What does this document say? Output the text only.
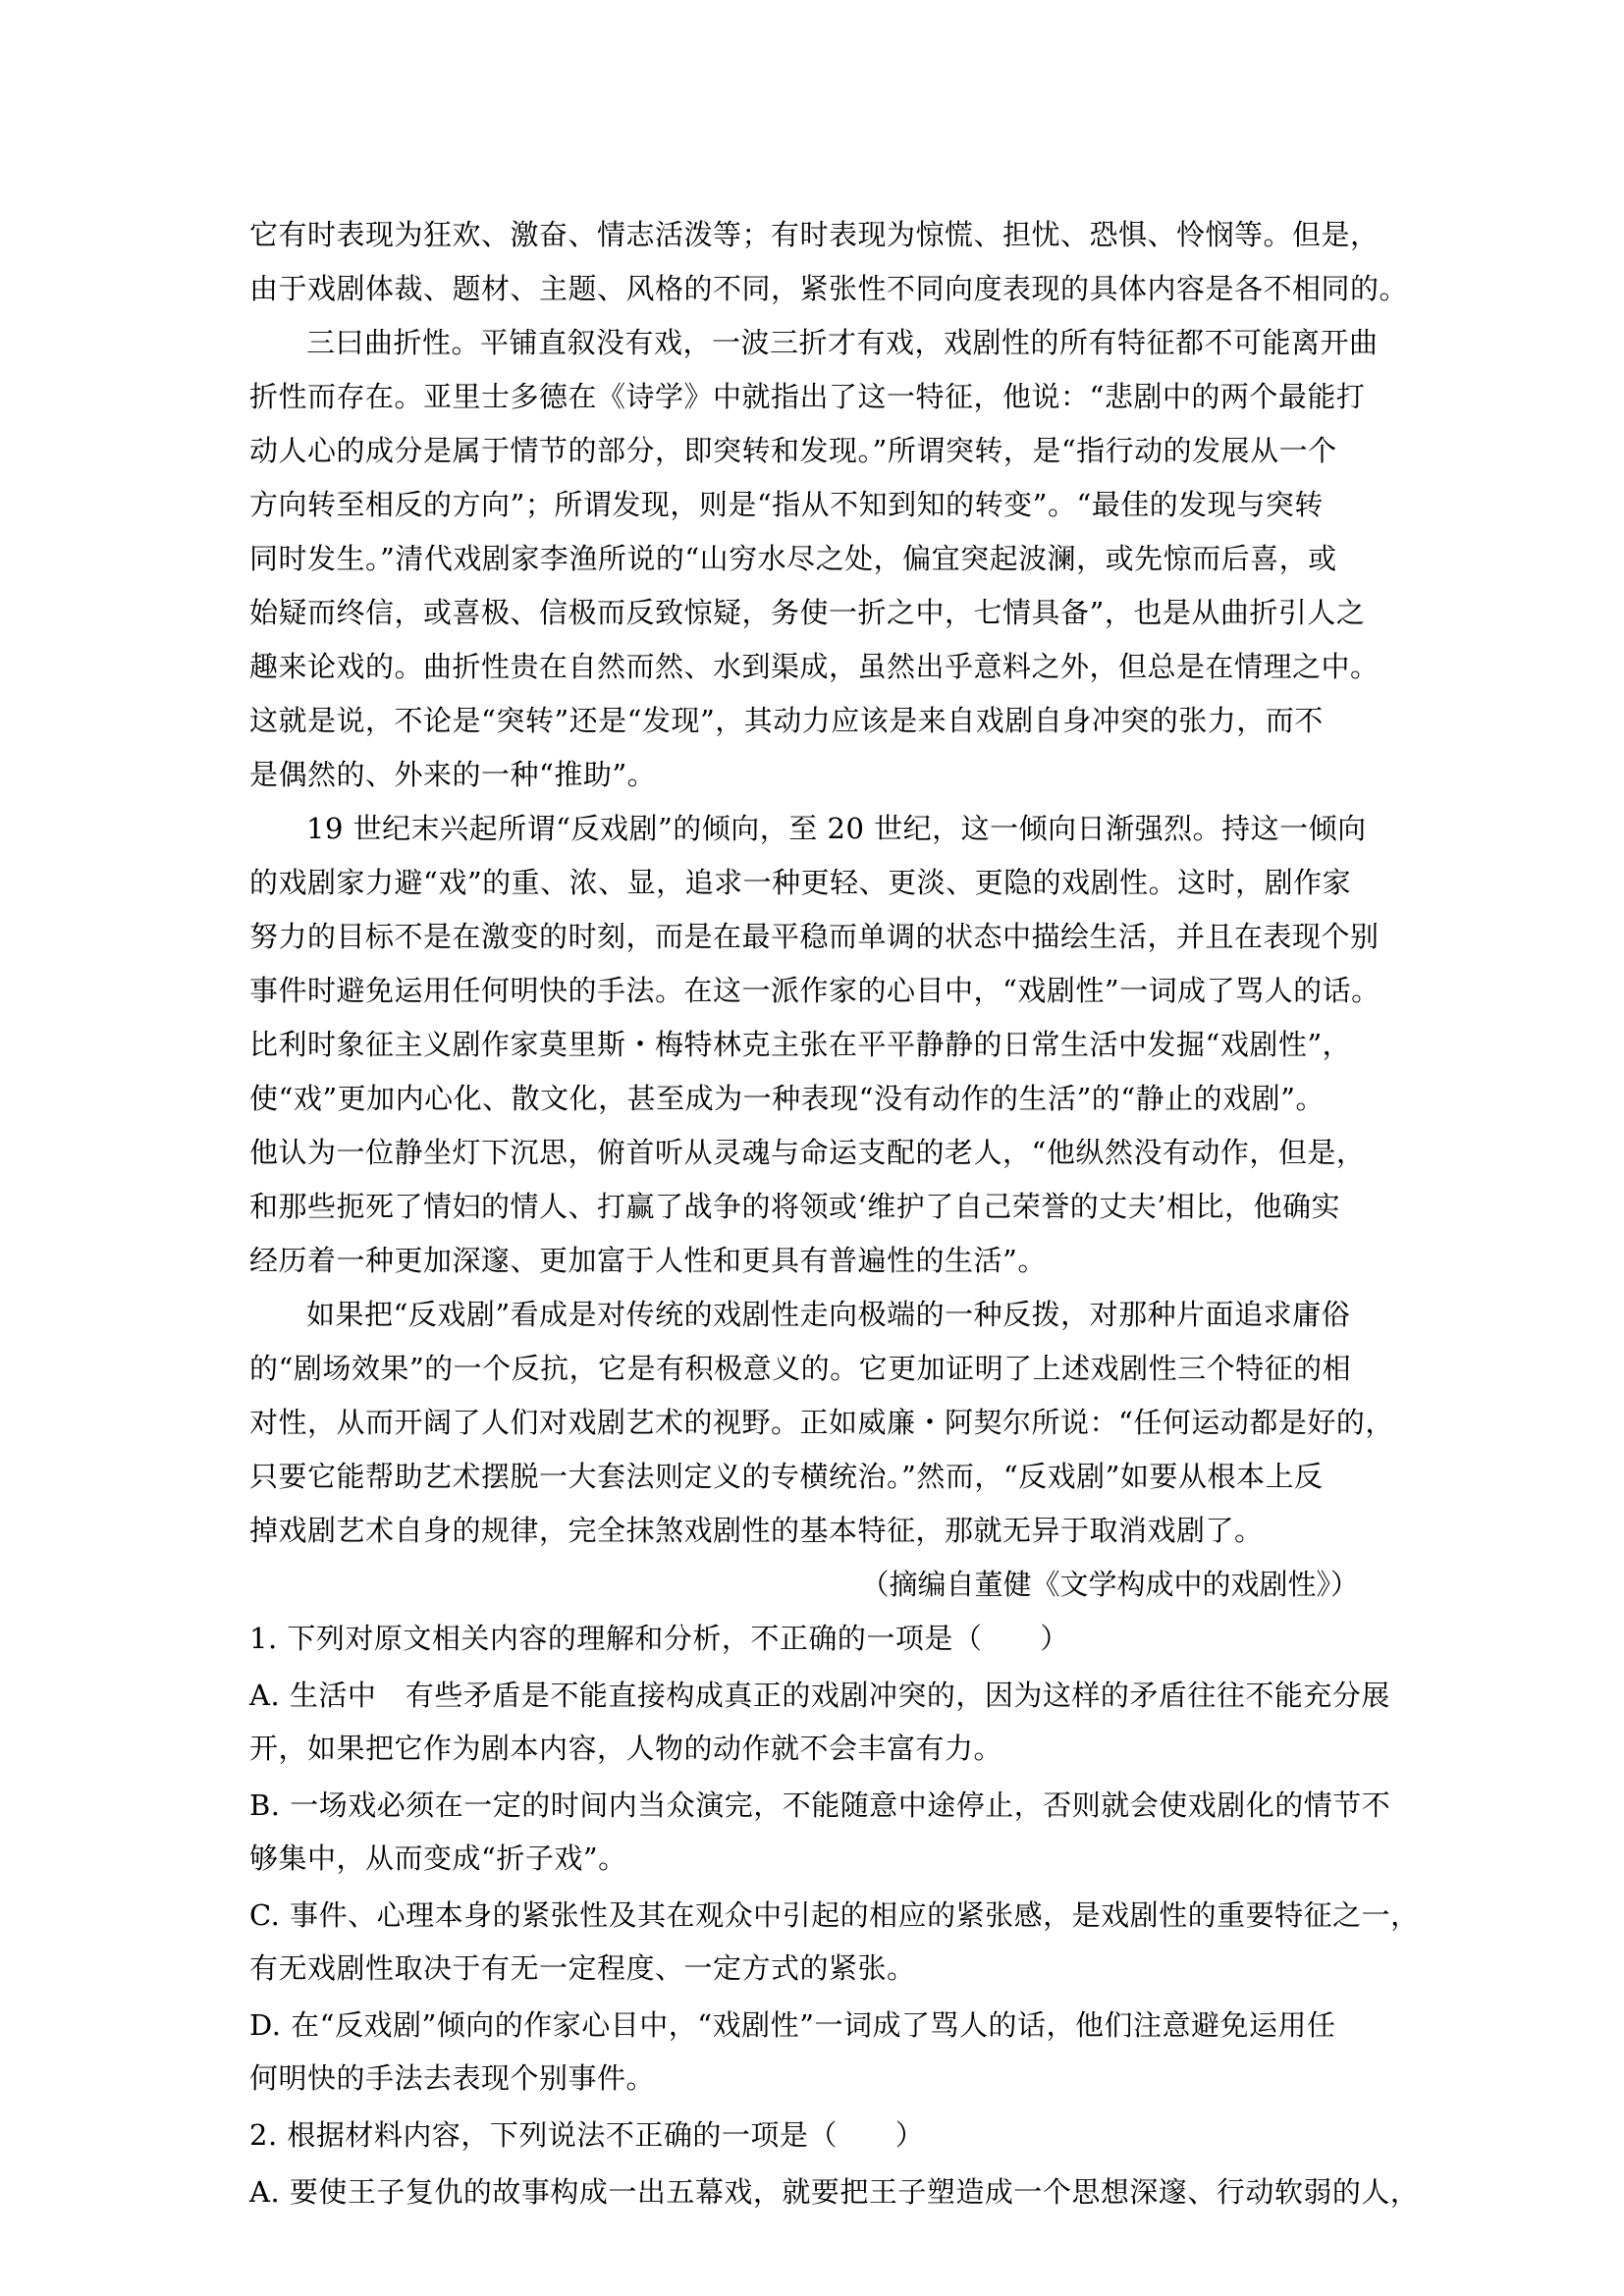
它有时表现为狂欢、激奋、情志活泼等；有时表现为惊慌、担忧、恐惧、怜悯等。但是，
由于戏剧体裁、题材、主题、风格的不同，紧张性不同向度表现的具体内容是各不相同的。
三曰曲折性。平铺直叙没有戏，一波三折才有戏，戏剧性的所有特征都不可能离开曲
折性而存在。亚里士多德在《诗学》中就指出了这一特征，他说：“悲剧中的两个最能打
动人心的成分是属于情节的部分，即突转和发现。”所谓突转，是“指行动的发展从一个
方向转至相反的方向”；所谓发现，则是“指从不知到知的转变”。“最佳的发现与突转
同时发生。”清代戏剧家李渔所说的“山穷水尽之处，偏宜突起波澜，或先惊而后喜，或
始疑而终信，或喜极、信极而反致惊疑，务使一折之中，七情具备”，也是从曲折引人之
趣来论戏的。曲折性贵在自然而然、水到渠成，虽然出乎意料之外，但总是在情理之中。
这就是说，不论是“突转”还是“发现”，其动力应该是来自戏剧自身冲突的张力，而不
是偶然的、外来的一种“推助”。
19 世纪末兴起所谓“反戏剧”的倾向，至 20 世纪，这一倾向日渐强烈。持这一倾向
的戏剧家力避“戏”的重、浓、显，追求一种更轻、更淡、更隐的戏剧性。这时，剧作家
努力的目标不是在激变的时刻，而是在最平稳而单调的状态中描绘生活，并且在表现个别
事件时避免运用任何明快的手法。在这一派作家的心目中，“戏剧性”一词成了骂人的话。
比利时象征主义剧作家莫里斯・梅特林克主张在平平静静的日常生活中发掘“戏剧性”，
使“戏”更加内心化、散文化，甚至成为一种表现“没有动作的生活”的“静止的戏剧”。
他认为一位静坐灯下沉思，俯首听从灵魂与命运支配的老人，“他纵然没有动作，但是，
和那些扼死了情妇的情人、打赢了战争的将领或‘维护了自己荣誉的丈夫’相比，他确实
经历着一种更加深邃、更加富于人性和更具有普遍性的生活”。
如果把“反戏剧”看成是对传统的戏剧性走向极端的一种反拨，对那种片面追求庸俗
的“剧场效果”的一个反抗，它是有积极意义的。它更加证明了上述戏剧性三个特征的相
对性，从而开阔了人们对戏剧艺术的视野。正如威廉・阿契尔所说：“任何运动都是好的，
只要它能帮助艺术摆脱一大套法则定义的专横统治。”然而，“反戏剧”如要从根本上反
掉戏剧艺术自身的规律，完全抹煞戏剧性的基本特征，那就无异于取消戏剧了。
（摘编自董健《文学构成中的戏剧性》）
1. 下列对原文相关内容的理解和分析，不正确的一项是（　　）
A. 生活中　有些矛盾是不能直接构成真正的戏剧冲突的，因为这样的矛盾往往不能充分展
开，如果把它作为剧本内容，人物的动作就不会丰富有力。
B. 一场戏必须在一定的时间内当众演完，不能随意中途停止，否则就会使戏剧化的情节不
够集中，从而变成“折子戏”。
C. 事件、心理本身的紧张性及其在观众中引起的相应的紧张感，是戏剧性的重要特征之一，
有无戏剧性取决于有无一定程度、一定方式的紧张。
D. 在“反戏剧”倾向的作家心目中，“戏剧性”一词成了骂人的话，他们注意避免运用任
何明快的手法去表现个别事件。
2. 根据材料内容，下列说法不正确的一项是（　　）
A. 要使王子复仇的故事构成一出五幕戏，就要把王子塑造成一个思想深邃、行动软弱的人，
